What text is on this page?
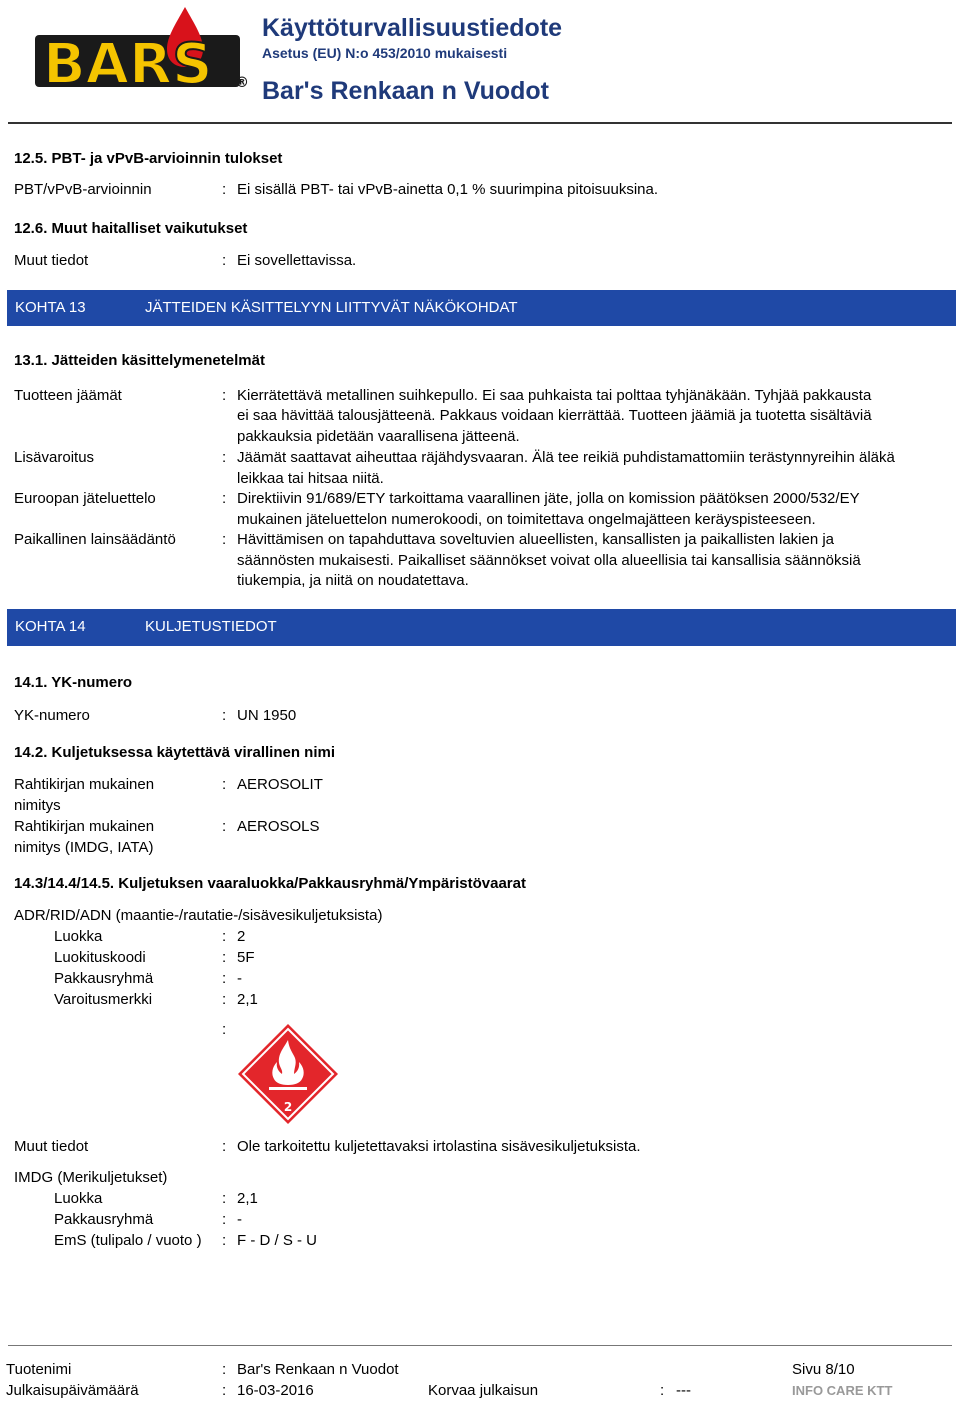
BARS ®
Käyttöturvallisuustiedote
Asetus (EU) N:o 453/2010 mukaisesti
Bar's Renkaan n Vuodot
12.5. PBT- ja vPvB-arvioinnin tulokset
PBT/vPvB-arvioinnin	: Ei sisällä PBT- tai vPvB-ainetta 0,1 % suurimpina pitoisuuksina.
12.6. Muut haitalliset vaikutukset
Muut tiedot	: Ei sovellettavissa.
KOHTA 13	JÄTTEIDEN KÄSITTELYYN LIITTYVÄT NÄKÖKOHDAT
13.1. Jätteiden käsittelymenetelmät
Tuotteen jäämät	: Kierrätettävä metallinen suihkepullo. Ei saa puhkaista tai polttaa tyhjänäkään. Tyhjää pakkausta
ei saa hävittää talousjätteenä. Pakkaus voidaan kierrättää. Tuotteen jäämiä ja tuotetta sisältäviä
pakkauksia pidetään vaarallisena jätteenä.
Lisävaroitus	: Jäämät saattavat aiheuttaa räjähdysvaaran. Älä tee reikiä puhdistamattomiin terästynnyreihin äläkä
leikkaa tai hitsaa niitä.
Euroopan jäteluettelo	: Direktiivin 91/689/ETY tarkoittama vaarallinen jäte, jolla on komission päätöksen 2000/532/EY
mukainen jäteluettelon numerokoodi, on toimitettava ongelmajätteen keräyspisteeseen.
Paikallinen lainsäädäntö	: Hävittämisen on tapahduttava soveltuvien alueellisten, kansallisten ja paikallisten lakien ja
säännösten mukaisesti. Paikalliset säännökset voivat olla alueellisia tai kansallisia säännöksiä
tiukempia, ja niitä on noudatettava.
KOHTA 14	KULJETUSTIEDOT
14.1. YK-numero
YK-numero	: UN 1950
14.2. Kuljetuksessa käytettävä virallinen nimi
Rahtikirjan mukainen
nimitys
: AEROSOLIT
Rahtikirjan mukainen
nimitys (IMDG, IATA)
: AEROSOLS
14.3/14.4/14.5. Kuljetuksen vaaraluokka/Pakkausryhmä/Ympäristövaarat
ADR/RID/ADN (maantie-/rautatie-/sisävesikuljetuksista)
Luokka	: 2
Luokituskoodi	: 5F
Pakkausryhmä	: -
Varoitusmerkki	: 2,1
:
2
Muut tiedot	: Ole tarkoitettu kuljetettavaksi irtolastina sisävesikuljetuksista.
IMDG (Merikuljetukset)
Luokka	: 2,1
Pakkausryhmä	: -
EmS (tulipalo / vuoto ) : F - D / S - U
Tuotenimi	: Bar's Renkaan n Vuodot	Sivu 8/10
Julkaisupäivämäärä	: 16-03-2016	Korvaa julkaisun	: ---	INFO CARE KTT
